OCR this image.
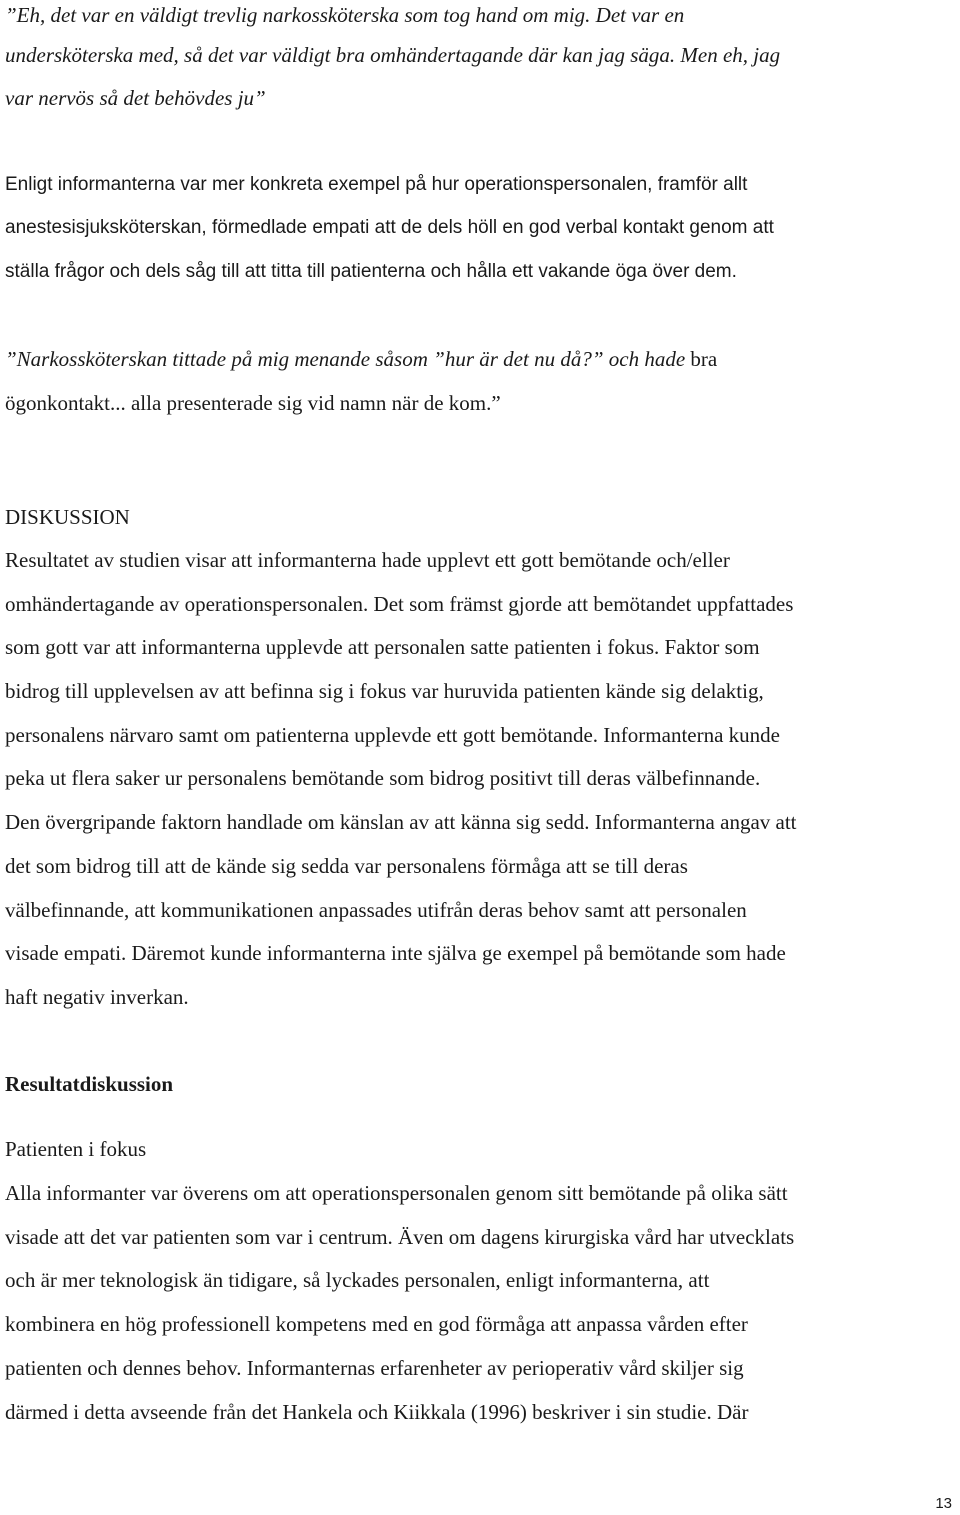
”Eh, det var en väldigt trevlig narkossköterska som tog hand om mig. Det var en
undersköterska med, så det var väldigt bra omhändertagande där kan jag säga. Men eh, jag
var nervös så det behövdes ju”
Enligt informanterna var mer konkreta exempel på hur operationspersonalen, framför allt
anestesisjuksköterskan, förmedlade empati att de dels höll en god verbal kontakt genom att
ställa frågor och dels såg till att titta till patienterna och hålla ett vakande öga över dem.
”Narkossköterskan tittade på mig menande såsom ”hur är det nu då?” och hade bra
ögonkontakt... alla presenterade sig vid namn när de kom.”
DISKUSSION
Resultatet av studien visar att informanterna hade upplevt ett gott bemötande och/eller
omhändertagande av operationspersonalen. Det som främst gjorde att bemötandet uppfattades
som gott var att informanterna upplevde att personalen satte patienten i fokus. Faktor som
bidrog till upplevelsen av att befinna sig i fokus var huruvida patienten kände sig delaktig,
personalens närvaro samt om patienterna upplevde ett gott bemötande. Informanterna kunde
peka ut flera saker ur personalens bemötande som bidrog positivt till deras välbefinnande.
Den övergripande faktorn handlade om känslan av att känna sig sedd. Informanterna angav att
det som bidrog till att de kände sig sedda var personalens förmåga att se till deras
välbefinnande, att kommunikationen anpassades utifrån deras behov samt att personalen
visade empati. Däremot kunde informanterna inte själva ge exempel på bemötande som hade
haft negativ inverkan.
Resultatdiskussion
Patienten i fokus
Alla informanter var överens om att operationspersonalen genom sitt bemötande på olika sätt
visade att det var patienten som var i centrum. Även om dagens kirurgiska vård har utvecklats
och är mer teknologisk än tidigare, så lyckades personalen, enligt informanterna, att
kombinera en hög professionell kompetens med en god förmåga att anpassa vården efter
patienten och dennes behov. Informanternas erfarenheter av perioperativ vård skiljer sig
därmed i detta avseende från det Hankela och Kiikkala (1996) beskriver i sin studie. Där
13
